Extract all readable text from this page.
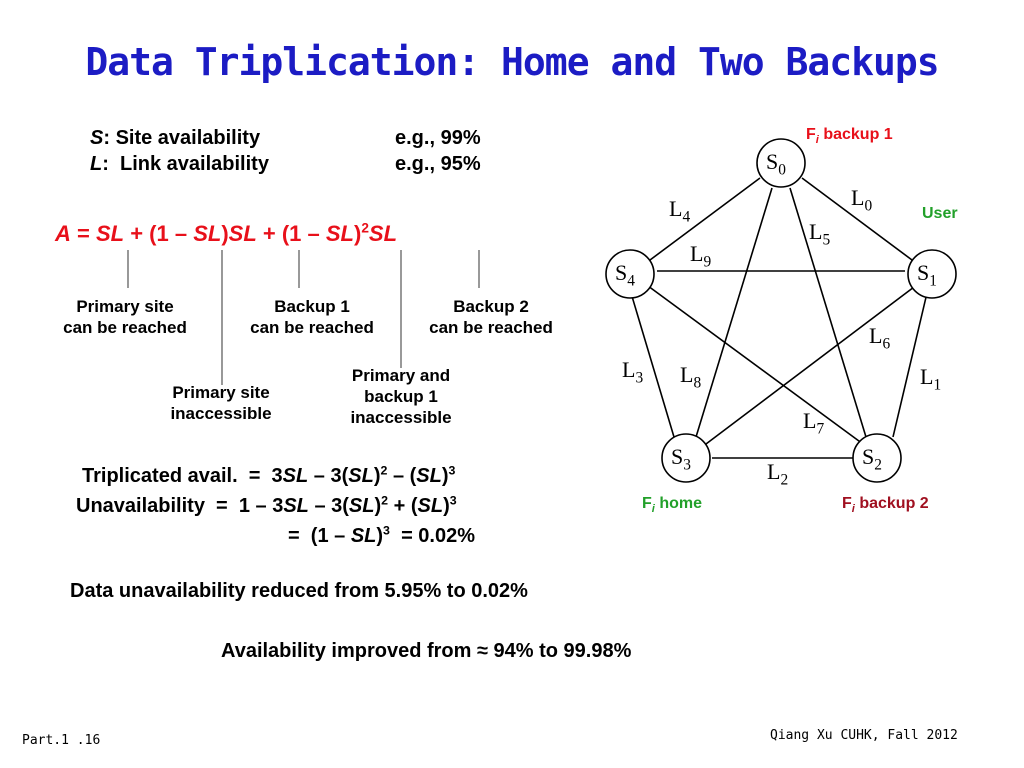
Data Triplication: Home and Two Backups
S: Site availability	e.g., 99%
L:  Link availability	e.g., 95%
A = SL + (1 – SL)SL + (1 – SL)$^2$SL
Primary site
can be reached
Backup 1
can be reached
Backup 2
can be reached
Primary site
inaccessible
Primary and
backup 1
inaccessible
Triplicated avail.  =  3SL – 3(SL)$^2$ – (SL)$^3$
Unavailability  =  1 – 3SL – 3(SL)$^2$ + (SL)$^3$
=  (1 – SL)$^3$  = 0.02%
Data unavailability reduced from 5.95% to 0.02%
Availability improved from ≈ 94% to 99.98%
$S_0$
$S_1$
$S_2$
$S_3$
$S_4$
$L_0$
$L_1$
$L_2$
$L_3$
$L_4$
$L_5$
$L_6$
$L_7$
$L_8$
$L_9$
$F_i$ backup 1
User
$F_i$ home	$F_i$ backup 2
Part.1 .16	Qiang Xu CUHK, Fall 2012
